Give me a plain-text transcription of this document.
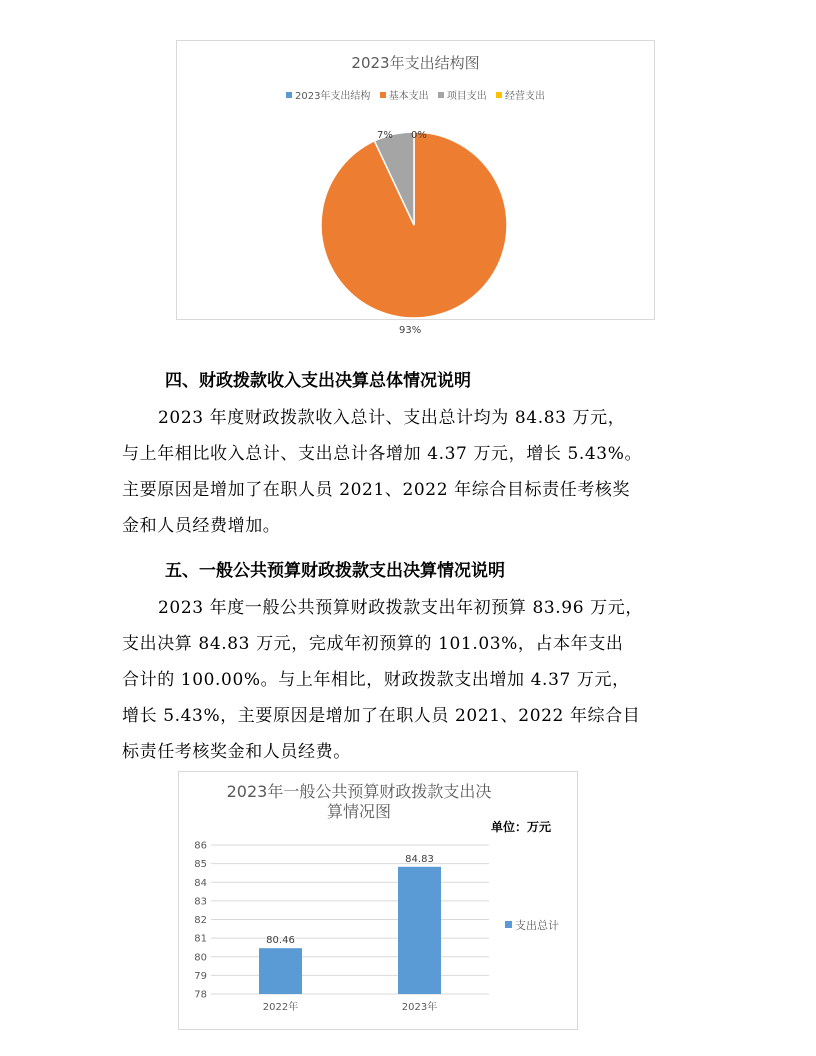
2023年支出结构图
2023年支出结构 基本支出 项目支出 经营支出
93%
7% 0%
四、财政拨款收入支出决算总体情况说明
2023 年度财政拨款收入总计、支出总计均为 84.83 万元，
与上年相比收入总计、支出总计各增加 4.37 万元，增长 5.43%。
主要原因是增加了在职人员 2021、2022 年综合目标责任考核奖
金和人员经费增加。
五、一般公共预算财政拨款支出决算情况说明
2023 年度一般公共预算财政拨款支出年初预算 83.96 万元，
支出决算 84.83 万元，完成年初预算的 101.03%，占本年支出
合计的 100.00%。与上年相比，财政拨款支出增加 4.37 万元，
增长 5.43%，主要原因是增加了在职人员 2021、2022 年综合目
标责任考核奖金和人员经费。
2023年一般公共预算财政拨款支出决
算情况图
单位：万元
支出总计
78
79
80
81
82
83
84
85
86
80.46
2022年
84.83
2023年
